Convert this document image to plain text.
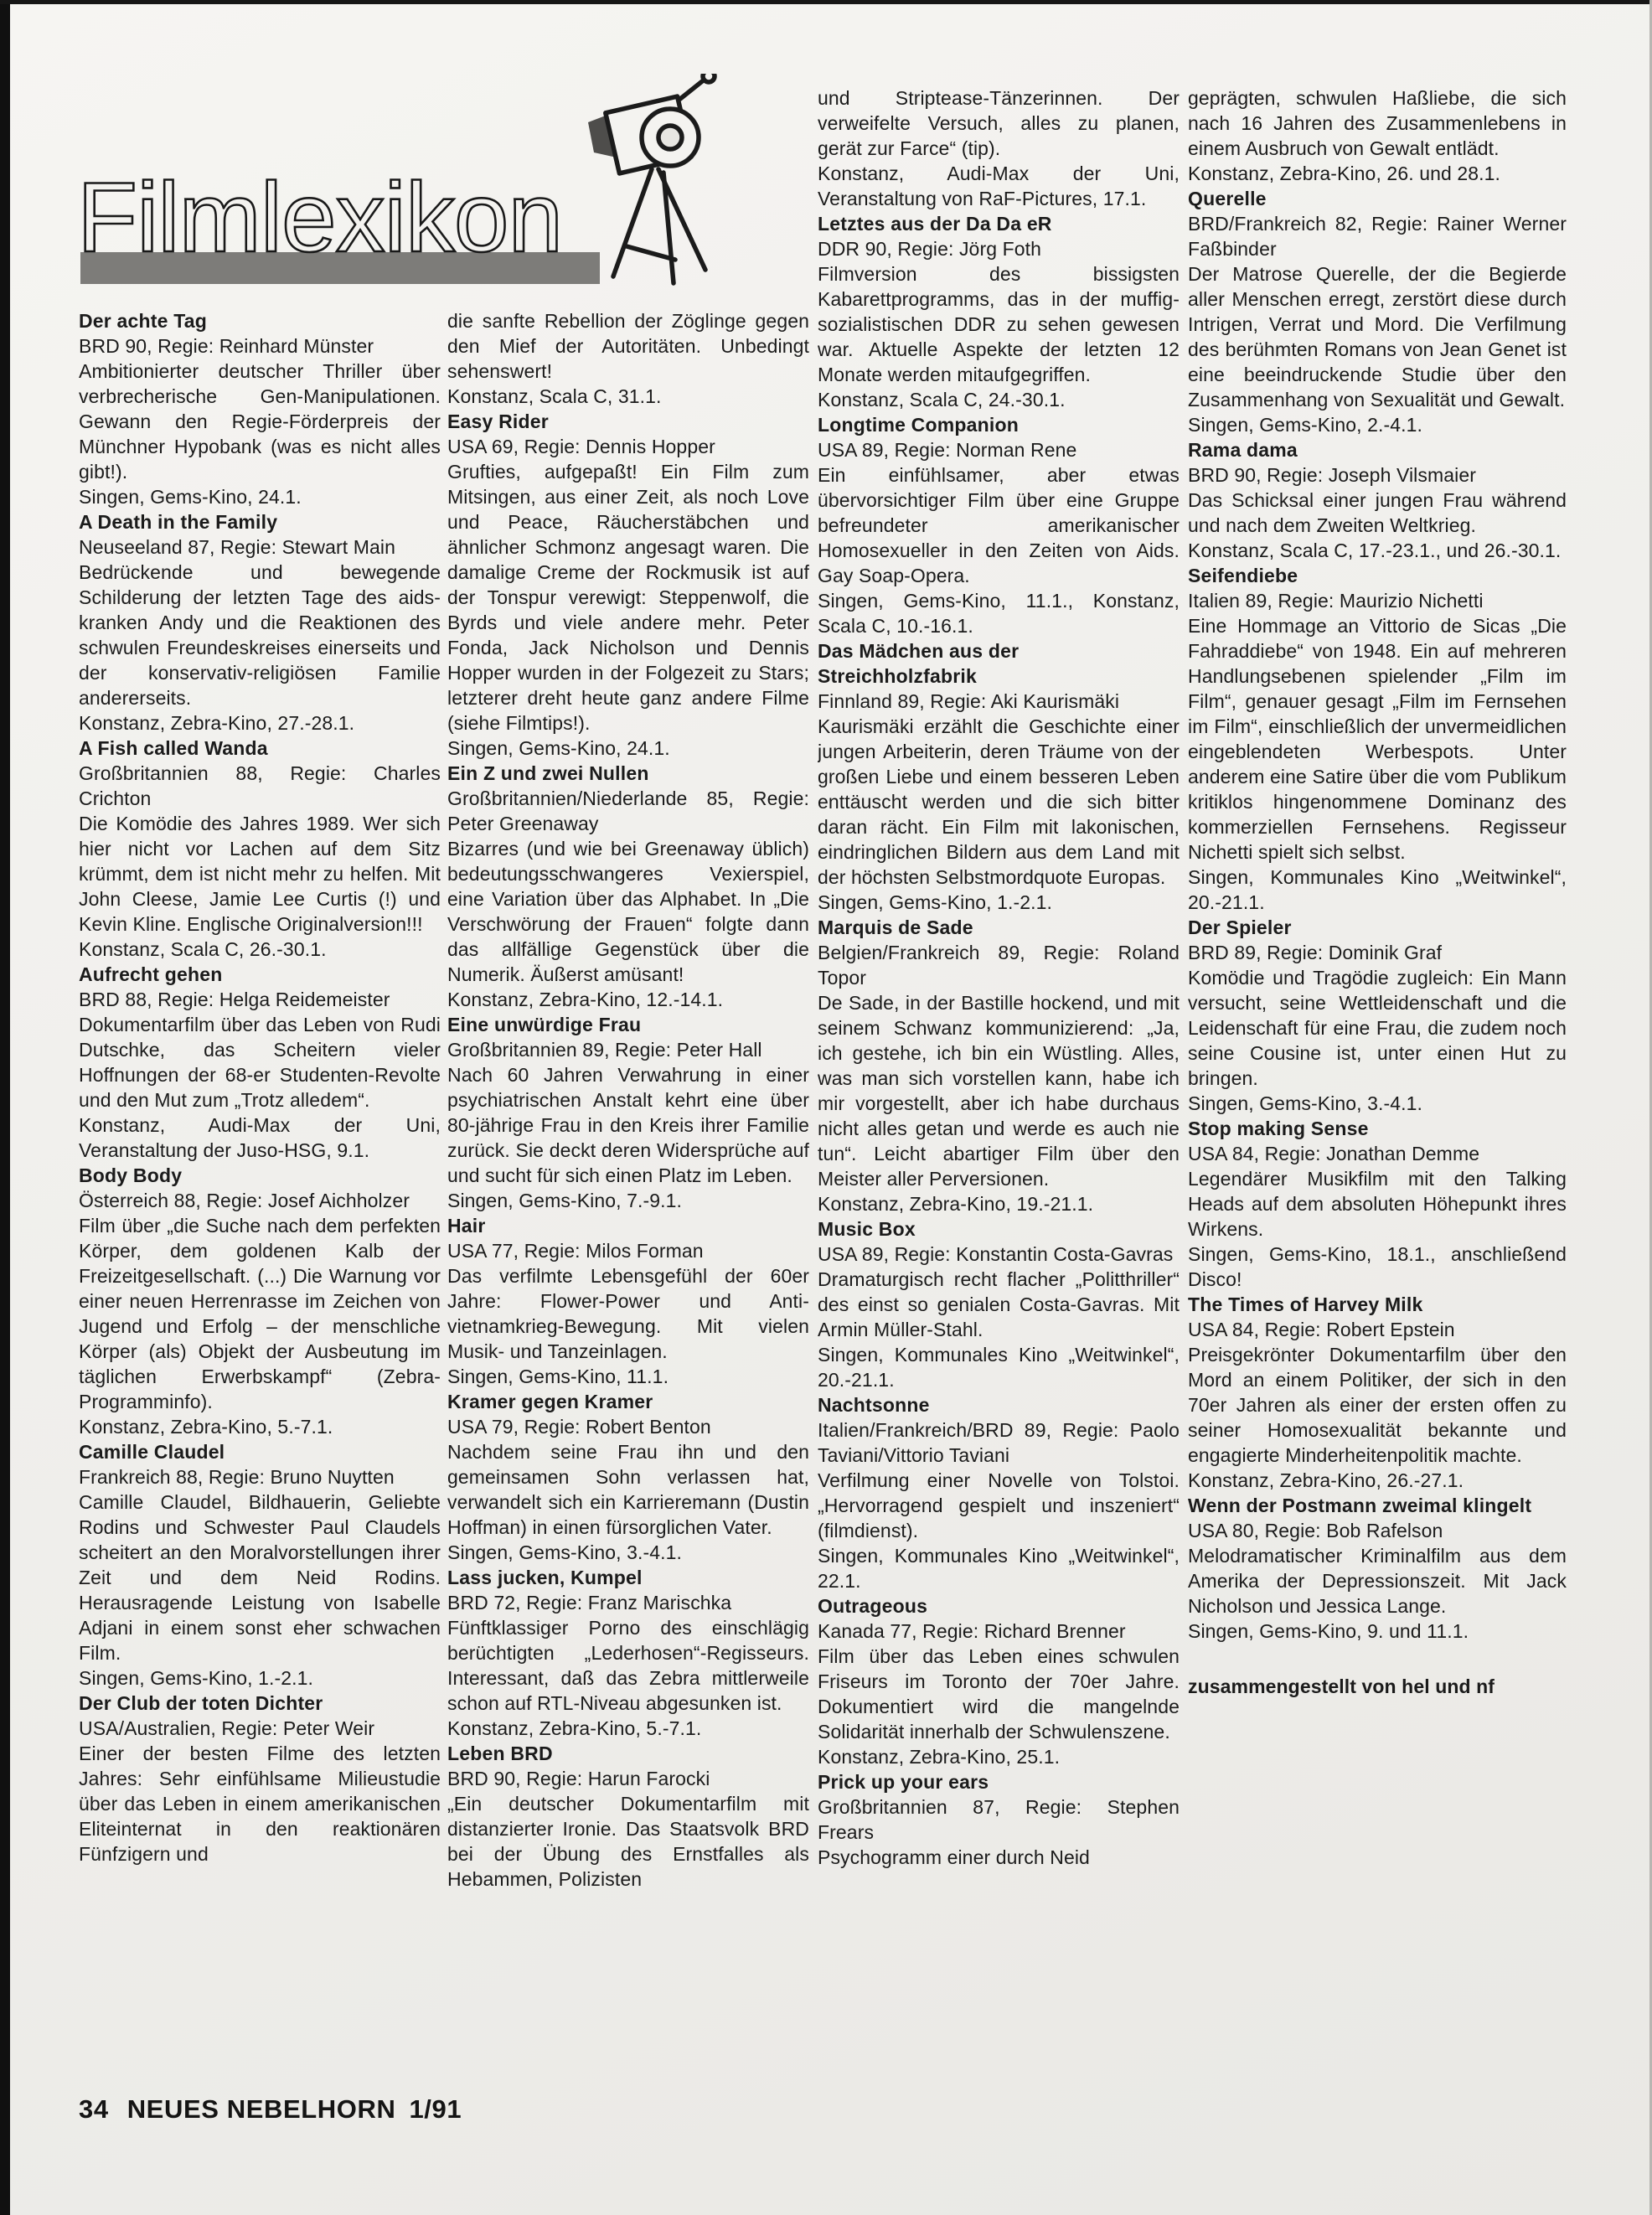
Filmlexikon
Der achte Tag

BRD 90, Regie: Reinhard Münster

Ambitionierter deutscher Thriller über verbrecherische Gen-Manipulationen. Gewann den Regie-Förderpreis der Münchner Hypobank (was es nicht alles gibt!).

Singen, Gems-Kino, 24.1.

A Death in the Family

Neuseeland 87, Regie: Stewart Main

Bedrückende und bewegende Schilderung der letzten Tage des aids-kranken Andy und die Reaktionen des schwulen Freundeskreises einerseits und der konservativ-religiösen Familie andererseits.

Konstanz, Zebra-Kino, 27.-28.1.

A Fish called Wanda

Großbritannien 88, Regie: Charles Crichton

Die Komödie des Jahres 1989. Wer sich hier nicht vor Lachen auf dem Sitz krümmt, dem ist nicht mehr zu helfen. Mit John Cleese, Jamie Lee Curtis (!) und Kevin Kline. Englische Originalversion!!!

Konstanz, Scala C, 26.-30.1.

Aufrecht gehen

BRD 88, Regie: Helga Reidemeister

Dokumentarfilm über das Leben von Rudi Dutschke, das Scheitern vieler Hoffnungen der 68-er Studenten-Revolte und den Mut zum „Trotz alledem“.

Konstanz, Audi-Max der Uni, Veranstaltung der Juso-HSG, 9.1.

Body Body

Österreich 88, Regie: Josef Aichholzer

Film über „die Suche nach dem perfekten Körper, dem goldenen Kalb der Freizeitgesellschaft. (...) Die Warnung vor einer neuen Herrenrasse im Zeichen von Jugend und Erfolg – der menschliche Körper (als) Objekt der Ausbeutung im täglichen Erwerbskampf“ (Zebra-Programminfo).

Konstanz, Zebra-Kino, 5.-7.1.

Camille Claudel

Frankreich 88, Regie: Bruno Nuytten

Camille Claudel, Bildhauerin, Geliebte Rodins und Schwester Paul Claudels scheitert an den Moralvorstellungen ihrer Zeit und dem Neid Rodins. Herausragende Leistung von Isabelle Adjani in einem sonst eher schwachen Film.

Singen, Gems-Kino, 1.-2.1.

Der Club der toten Dichter

USA/Australien, Regie: Peter Weir

Einer der besten Filme des letzten Jahres: Sehr einfühlsame Milieustudie über das Leben in einem amerikanischen Eliteinternat in den reaktionären Fünfzigern und

die sanfte Rebellion der Zöglinge gegen den Mief der Autoritäten. Unbedingt sehenswert!

Konstanz, Scala C, 31.1.

Easy Rider

USA 69, Regie: Dennis Hopper

Grufties, aufgepaßt! Ein Film zum Mitsingen, aus einer Zeit, als noch Love und Peace, Räucherstäbchen und ähnlicher Schmonz angesagt waren. Die damalige Creme der Rockmusik ist auf der Tonspur verewigt: Steppenwolf, die Byrds und viele andere mehr. Peter Fonda, Jack Nicholson und Dennis Hopper wurden in der Folgezeit zu Stars; letzterer dreht heute ganz andere Filme (siehe Filmtips!).

Singen, Gems-Kino, 24.1.

Ein Z und zwei Nullen

Großbritannien/Niederlande 85, Regie: Peter Greenaway

Bizarres (und wie bei Greenaway üblich) bedeutungsschwangeres Vexierspiel, eine Variation über das Alphabet. In „Die Verschwörung der Frauen“ folgte dann das allfällige Gegenstück über die Numerik. Äußerst amüsant!

Konstanz, Zebra-Kino, 12.-14.1.

Eine unwürdige Frau

Großbritannien 89, Regie: Peter Hall

Nach 60 Jahren Verwahrung in einer psychiatrischen Anstalt kehrt eine über 80-jährige Frau in den Kreis ihrer Familie zurück. Sie deckt deren Widersprüche auf und sucht für sich einen Platz im Leben.

Singen, Gems-Kino, 7.-9.1.

Hair

USA 77, Regie: Milos Forman

Das verfilmte Lebensgefühl der 60er Jahre: Flower-Power und Anti-vietnamkrieg-Bewegung. Mit vielen Musik- und Tanzeinlagen.

Singen, Gems-Kino, 11.1.

Kramer gegen Kramer

USA 79, Regie: Robert Benton

Nachdem seine Frau ihn und den gemeinsamen Sohn verlassen hat, verwandelt sich ein Karrieremann (Dustin Hoffman) in einen fürsorglichen Vater.

Singen, Gems-Kino, 3.-4.1.

Lass jucken, Kumpel

BRD 72, Regie: Franz Marischka

Fünftklassiger Porno des einschlägig berüchtigten „Lederhosen“-Regisseurs. Interessant, daß das Zebra mittlerweile schon auf RTL-Niveau abgesunken ist.

Konstanz, Zebra-Kino, 5.-7.1.

Leben BRD

BRD 90, Regie: Harun Farocki

„Ein deutscher Dokumentarfilm mit distanzierter Ironie. Das Staatsvolk BRD bei der Übung des Ernstfalles als Hebammen, Polizisten

und Striptease-Tänzerinnen. Der verweifelte Versuch, alles zu planen, gerät zur Farce“ (tip).

Konstanz, Audi-Max der Uni, Veranstaltung von RaF-Pictures, 17.1.

Letztes aus der Da Da eR

DDR 90, Regie: Jörg Foth

Filmversion des bissigsten Kabarettprogramms, das in der muffig-sozialistischen DDR zu sehen gewesen war. Aktuelle Aspekte der letzten 12 Monate werden mitaufgegriffen.

Konstanz, Scala C, 24.-30.1.

Longtime Companion

USA 89, Regie: Norman Rene

Ein einfühlsamer, aber etwas übervorsichtiger Film über eine Gruppe befreundeter amerikanischer Homosexueller in den Zeiten von Aids. Gay Soap-Opera.

Singen, Gems-Kino, 11.1., Konstanz, Scala C, 10.-16.1.

Das Mädchen aus der Streichholzfabrik

Finnland 89, Regie: Aki Kaurismäki

Kaurismäki erzählt die Geschichte einer jungen Arbeiterin, deren Träume von der großen Liebe und einem besseren Leben enttäuscht werden und die sich bitter daran rächt. Ein Film mit lakonischen, eindringlichen Bildern aus dem Land mit der höchsten Selbstmordquote Europas.

Singen, Gems-Kino, 1.-2.1.

Marquis de Sade

Belgien/Frankreich 89, Regie: Roland Topor

De Sade, in der Bastille hockend, und mit seinem Schwanz kommunizierend: „Ja, ich gestehe, ich bin ein Wüstling. Alles, was man sich vorstellen kann, habe ich mir vorgestellt, aber ich habe durchaus nicht alles getan und werde es auch nie tun“. Leicht abartiger Film über den Meister aller Perversionen.

Konstanz, Zebra-Kino, 19.-21.1.

Music Box

USA 89, Regie: Konstantin Costa-Gavras

Dramaturgisch recht flacher „Politthriller“ des einst so genialen Costa-Gavras. Mit Armin Müller-Stahl.

Singen, Kommunales Kino „Weitwinkel“, 20.-21.1.

Nachtsonne

Italien/Frankreich/BRD 89, Regie: Paolo Taviani/Vittorio Taviani

Verfilmung einer Novelle von Tolstoi. „Hervorragend gespielt und inszeniert“ (filmdienst).

Singen, Kommunales Kino „Weitwinkel“, 22.1.

Outrageous

Kanada 77, Regie: Richard Brenner

Film über das Leben eines schwulen Friseurs im Toronto der 70er Jahre. Dokumentiert wird die mangelnde Solidarität innerhalb der Schwulenszene.

Konstanz, Zebra-Kino, 25.1.

Prick up your ears

Großbritannien 87, Regie: Stephen Frears

Psychogramm einer durch Neid

geprägten, schwulen Haßliebe, die sich nach 16 Jahren des Zusammenlebens in einem Ausbruch von Gewalt entlädt.

Konstanz, Zebra-Kino, 26. und 28.1.

Querelle

BRD/Frankreich 82, Regie: Rainer Werner Faßbinder

Der Matrose Querelle, der die Begierde aller Menschen erregt, zerstört diese durch Intrigen, Verrat und Mord. Die Verfilmung des berühmten Romans von Jean Genet ist eine beeindruckende Studie über den Zusammenhang von Sexualität und Gewalt.

Singen, Gems-Kino, 2.-4.1.

Rama dama

BRD 90, Regie: Joseph Vilsmaier

Das Schicksal einer jungen Frau während und nach dem Zweiten Weltkrieg.

Konstanz, Scala C, 17.-23.1., und 26.-30.1.

Seifendiebe

Italien 89, Regie: Maurizio Nichetti

Eine Hommage an Vittorio de Sicas „Die Fahraddiebe“ von 1948. Ein auf mehreren Handlungsebenen spielender „Film im Film“, genauer gesagt „Film im Fernsehen im Film“, einschließlich der unvermeidlichen eingeblendeten Werbespots. Unter anderem eine Satire über die vom Publikum kritiklos hingenommene Dominanz des kommerziellen Fernsehens. Regisseur Nichetti spielt sich selbst.

Singen, Kommunales Kino „Weitwinkel“, 20.-21.1.

Der Spieler

BRD 89, Regie: Dominik Graf

Komödie und Tragödie zugleich: Ein Mann versucht, seine Wettleidenschaft und die Leidenschaft für eine Frau, die zudem noch seine Cousine ist, unter einen Hut zu bringen.

Singen, Gems-Kino, 3.-4.1.

Stop making Sense

USA 84, Regie: Jonathan Demme

Legendärer Musikfilm mit den Talking Heads auf dem absoluten Höhepunkt ihres Wirkens.

Singen, Gems-Kino, 18.1., anschließend Disco!

The Times of Harvey Milk

USA 84, Regie: Robert Epstein

Preisgekrönter Dokumentarfilm über den Mord an einem Politiker, der sich in den 70er Jahren als einer der ersten offen zu seiner Homosexualität bekannte und engagierte Minderheitenpolitik machte.

Konstanz, Zebra-Kino, 26.-27.1.

Wenn der Postmann zweimal klingelt

USA 80, Regie: Bob Rafelson

Melodramatischer Kriminalfilm aus dem Amerika der Depressionszeit. Mit Jack Nicholson und Jessica Lange.

Singen, Gems-Kino, 9. und 11.1.

zusammengestellt von hel und nf

34 NEUES NEBELHORN 1/91
